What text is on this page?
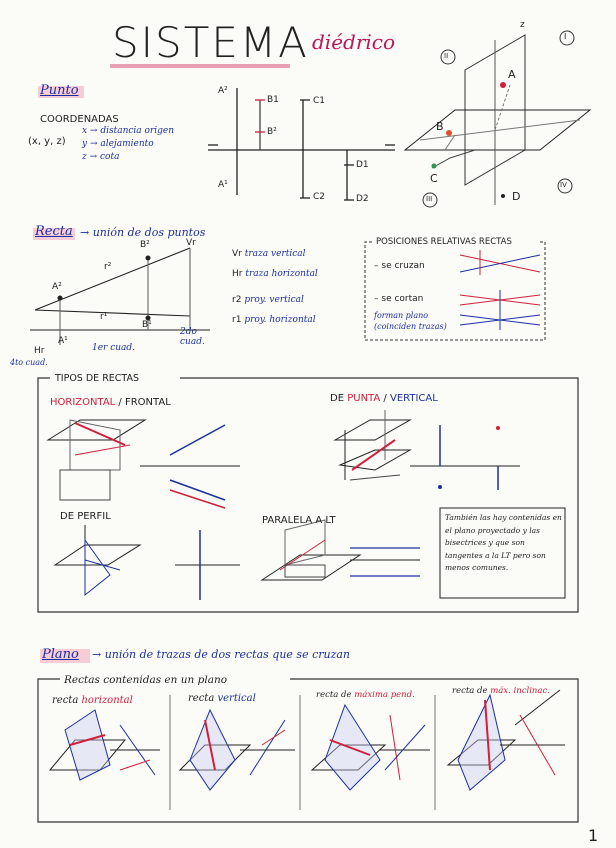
SISTEMA diédrico
Punto
COORDENADAS
(x, y, z)
x → distancia origen
y → alejamiento
z → cota
A²
A¹
B1
B²
C1
C2
D1
D2
II
I
III
IV
z
A
B
C
D
Recta → unión de dos puntos
A²
B²
A¹
B¹
r²
r¹
Vr
Hr	1er cuad.
2do cuad.
4to cuad.
Vr traza vertical
Hr traza horizontal
r2 proy. vertical
r1 proy. horizontal
POSICIONES RELATIVAS RECTAS
– se cruzan
– se cortan
forman plano (coinciden trazas)
TIPOS DE RECTAS
HORIZONTAL / FRONTAL	DE PUNTA / VERTICAL
DE PERFIL	PARALELA A LT	También las hay contenidas en el plano proyectado y las bisectrices y que son tangentes a la LT pero son menos comunes.
Plano → unión de trazas de dos rectas que se cruzan
Rectas contenidas en un plano
recta horizontal	recta vertical	recta de máxima pend.	recta de máx. inclinac.
1
